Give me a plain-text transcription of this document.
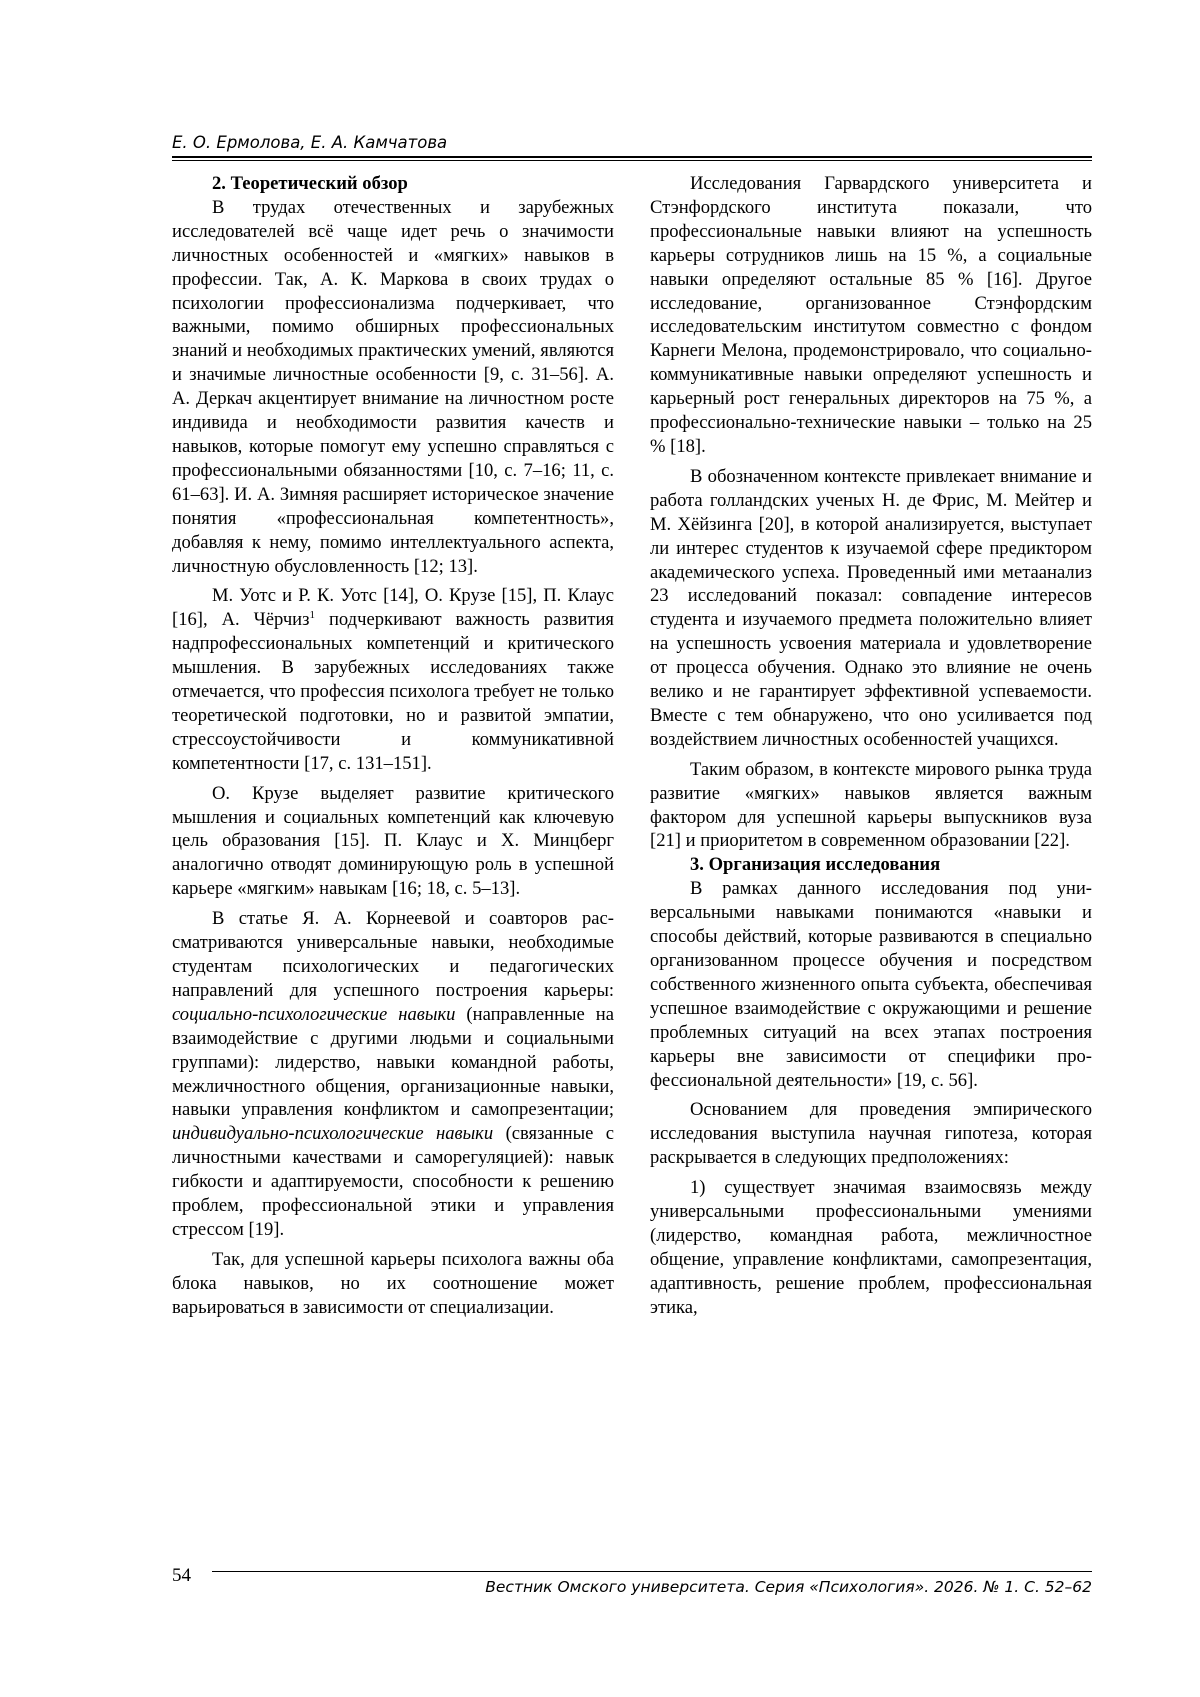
Е. О. Ермолова, Е. А. Камчатова
2. Теоретический обзор

В трудах отечественных и зарубежных исследователей всё чаще идет речь о значимости личностных особенностей и «мягких» навыков в профессии. Так, А. К. Маркова в своих трудах о психологии профессионализма подчеркивает, что важными, помимо обширных профессиональных знаний и необходимых практических умений, являются и значимые личностные особенности [9, с. 31–56]. А. А. Деркач акцентирует внимание на личностном росте индивида и необходимости развития качеств и навыков, которые помогут ему успешно справляться с профессиональными обязанностями [10, с. 7–16; 11, с. 61–63]. И. А. Зимняя расширяет историческое значение понятия «профессиональная компетентность», добавляя к нему, помимо интеллектуального аспекта, личностную обусловленность [12; 13].

М. Уотс и Р. К. Уотс [14], О. Крузе [15], П. Клаус [16], А. Чёрчиз$^1$ подчеркивают важность развития надпрофессиональных компетенций и критического мышления. В зарубежных исследованиях также отмечается, что профессия психолога требует не только теоретической подготовки, но и развитой эмпатии, стрессоустойчивости и коммуникативной компетентности [17, с. 131–151].

О. Крузе выделяет развитие критического мышления и социальных компетенций как ключевую цель образования [15]. П. Клаус и Х. Минцберг аналогично отводят доминирующую роль в успешной карьере «мягким» навыкам [16; 18, с. 5–13].

В статье Я. А. Корнеевой и соавторов рассматриваются универсальные навыки, необходимые студентам психологических и педагогических направлений для успешного построения карьеры: социально-психологические навыки (направленные на взаимодействие с другими людьми и социальными группами): лидерство, навыки командной работы, межличностного общения, организационные навыки, навыки управления конфликтом и самопрезентации; индивидуально-психологические навыки (связанные с личностными качествами и саморегуляцией): навык гибкости и адаптируемости, способности к решению проблем, профессиональной этики и управления стрессом [19].

Так, для успешной карьеры психолога важны оба блока навыков, но их соотношение может варьироваться в зависимости от специализации.

Исследования Гарвардского университета и Стэнфордского института показали, что профессиональные навыки влияют на успешность карьеры сотрудников лишь на 15 %, а социальные навыки определяют остальные 85 % [16]. Другое исследование, организованное Стэнфордским исследовательским институтом совместно с фондом Карнеги Мелона, продемонстрировало, что социально-коммуникативные навыки определяют успешность и карьерный рост генеральных директоров на 75 %, а профессионально-технические навыки – только на 25 % [18].

В обозначенном контексте привлекает внимание и работа голландских ученых Н. де Фрис, М. Мейтер и М. Хёйзинга [20], в которой анализируется, выступает ли интерес студентов к изучаемой сфере предиктором академического успеха. Проведенный ими метаанализ 23 исследований показал: совпадение интересов студента и изучаемого предмета положительно влияет на успешность усвоения материала и удовлетворение от процесса обучения. Однако это влияние не очень велико и не гарантирует эффективной успеваемости. Вместе с тем обнаружено, что оно усиливается под воздействием личностных особенностей учащихся.

Таким образом, в контексте мирового рынка труда развитие «мягких» навыков является важным фактором для успешной карьеры выпускников вуза [21] и приоритетом в современном образовании [22].

3. Организация исследования

В рамках данного исследования под универсальными навыками понимаются «навыки и способы действий, которые развиваются в специально организованном процессе обучения и посредством собственного жизненного опыта субъекта, обеспечивая успешное взаимодействие с окружающими и решение проблемных ситуаций на всех этапах построения карьеры вне зависимости от специфики профессиональной деятельности» [19, с. 56].

Основанием для проведения эмпирического исследования выступила научная гипотеза, которая раскрывается в следующих предположениях:

1) существует значимая взаимосвязь между универсальными профессиональными умениями (лидерство, командная работа, межличностное общение, управление конфликтами, самопрезентация, адаптивность, решение проблем, профессиональная этика,

54
Вестник Омского университета. Серия «Психология». 2026. № 1. С. 52–62
